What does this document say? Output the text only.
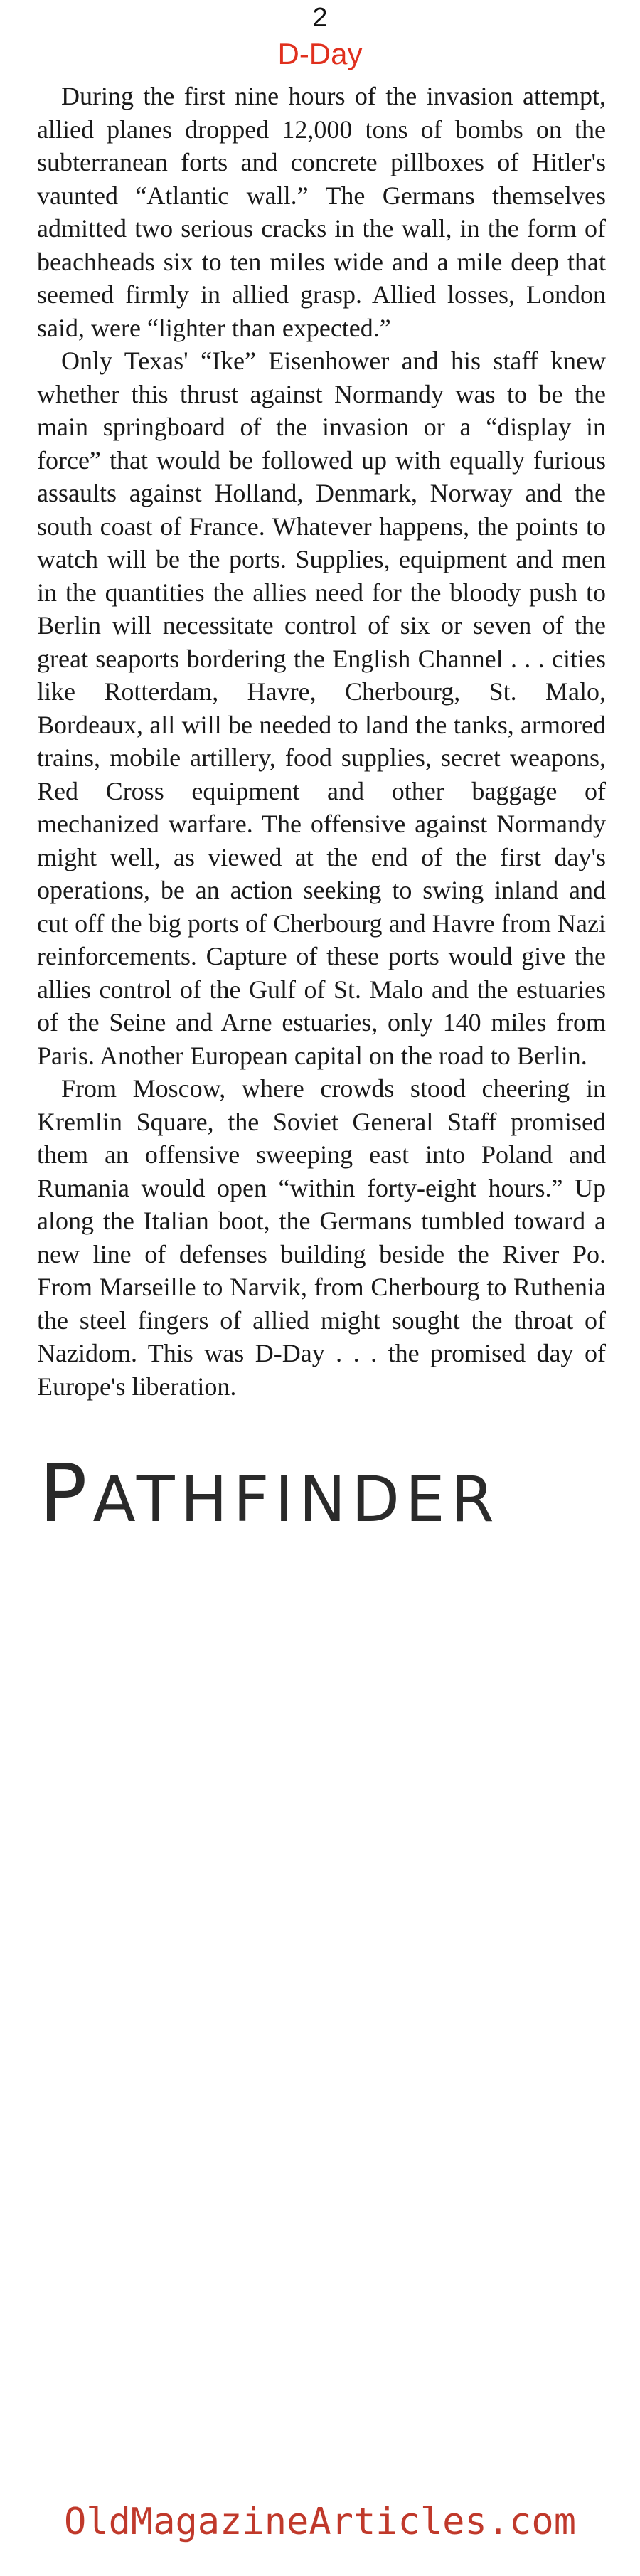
2
D-Day

During the first nine hours of the invasion attempt, allied planes dropped 12,000 tons of bombs on the subterranean forts and concrete pillboxes of Hitler's vaunted “Atlantic wall.” The Germans themselves admitted two serious cracks in the wall, in the form of beachheads six to ten miles wide and a mile deep that seemed firmly in allied grasp. Allied losses, London said, were “lighter than expected.”

Only Texas' “Ike” Eisenhower and his staff knew whether this thrust against Normandy was to be the main springboard of the invasion or a “display in force” that would be followed up with equally furious assaults against Holland, Denmark, Norway and the south coast of France. Whatever happens, the points to watch will be the ports. Supplies, equipment and men in the quantities the allies need for the bloody push to Berlin will necessitate control of six or seven of the great seaports bordering the English Channel . . . cities like Rotterdam, Havre, Cherbourg, St. Malo, Bordeaux, all will be needed to land the tanks, armored trains, mobile artillery, food supplies, secret weapons, Red Cross equipment and other baggage of mechanized warfare. The offensive against Normandy might well, as viewed at the end of the first day's operations, be an action seeking to swing inland and cut off the big ports of Cherbourg and Havre from Nazi reinforcements. Capture of these ports would give the allies control of the Gulf of St. Malo and the estuaries of the Seine and Arne estuaries, only 140 miles from Paris. Another European capital on the road to Berlin.

From Moscow, where crowds stood cheering in Kremlin Square, the Soviet General Staff promised them an offensive sweeping east into Poland and Rumania would open “within forty-eight hours.” Up along the Italian boot, the Germans tumbled toward a new line of defenses building beside the River Po. From Marseille to Narvik, from Cherbourg to Ruthenia the steel fingers of allied might sought the throat of Nazidom. This was D-Day . . . the promised day of Europe's liberation.

PATHFINDER
OldMagazineArticles.com
